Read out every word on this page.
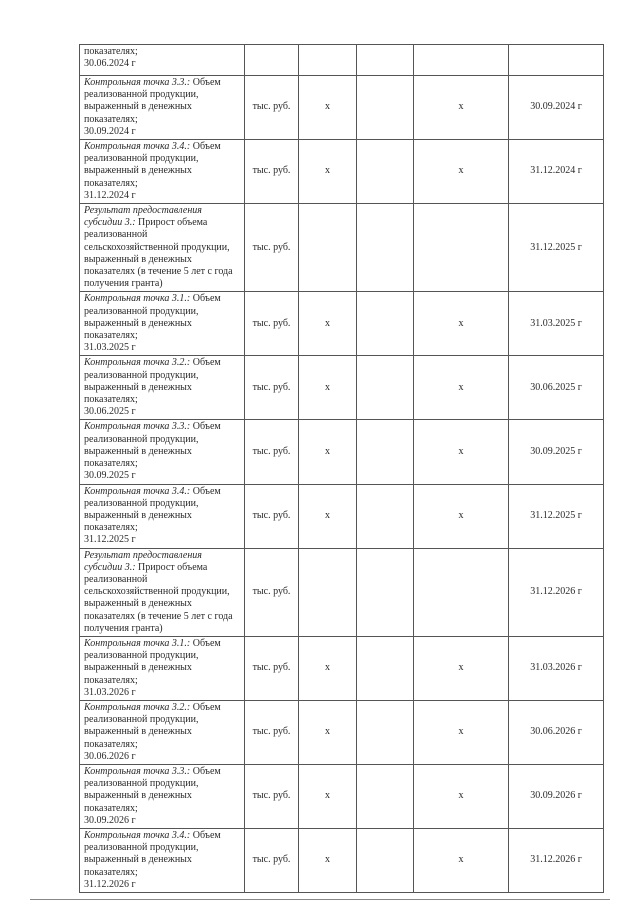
показателях;
30.06.2024 г					
Контрольная точка 3.3.: Объем реализованной продукции, выраженный в денежных показателях;
30.09.2024 г	тыс. руб.	x		x	30.09.2024 г
Контрольная точка 3.4.: Объем реализованной продукции, выраженный в денежных показателях;
31.12.2024 г	тыс. руб.	x		x	31.12.2024 г
Результат предоставления субсидии 3.: Прирост объема реализованной сельскохозяйственной продукции, выраженный в денежных показателях (в течение 5 лет с года получения гранта)	тыс. руб.				31.12.2025 г
Контрольная точка 3.1.: Объем реализованной продукции, выраженный в денежных показателях;
31.03.2025 г	тыс. руб.	x		x	31.03.2025 г
Контрольная точка 3.2.: Объем реализованной продукции, выраженный в денежных показателях;
30.06.2025 г	тыс. руб.	x		x	30.06.2025 г
Контрольная точка 3.3.: Объем реализованной продукции, выраженный в денежных показателях;
30.09.2025 г	тыс. руб.	x		x	30.09.2025 г
Контрольная точка 3.4.: Объем реализованной продукции, выраженный в денежных показателях;
31.12.2025 г	тыс. руб.	x		x	31.12.2025 г
Результат предоставления субсидии 3.: Прирост объема реализованной сельскохозяйственной продукции, выраженный в денежных показателях (в течение 5 лет с года получения гранта)	тыс. руб.				31.12.2026 г
Контрольная точка 3.1.: Объем реализованной продукции, выраженный в денежных показателях;
31.03.2026 г	тыс. руб.	x		x	31.03.2026 г
Контрольная точка 3.2.: Объем реализованной продукции, выраженный в денежных показателях;
30.06.2026 г	тыс. руб.	x		x	30.06.2026 г
Контрольная точка 3.3.: Объем реализованной продукции, выраженный в денежных показателях;
30.09.2026 г	тыс. руб.	x		x	30.09.2026 г
Контрольная точка 3.4.: Объем реализованной продукции, выраженный в денежных показателях;
31.12.2026 г	тыс. руб.	x		x	31.12.2026 г
